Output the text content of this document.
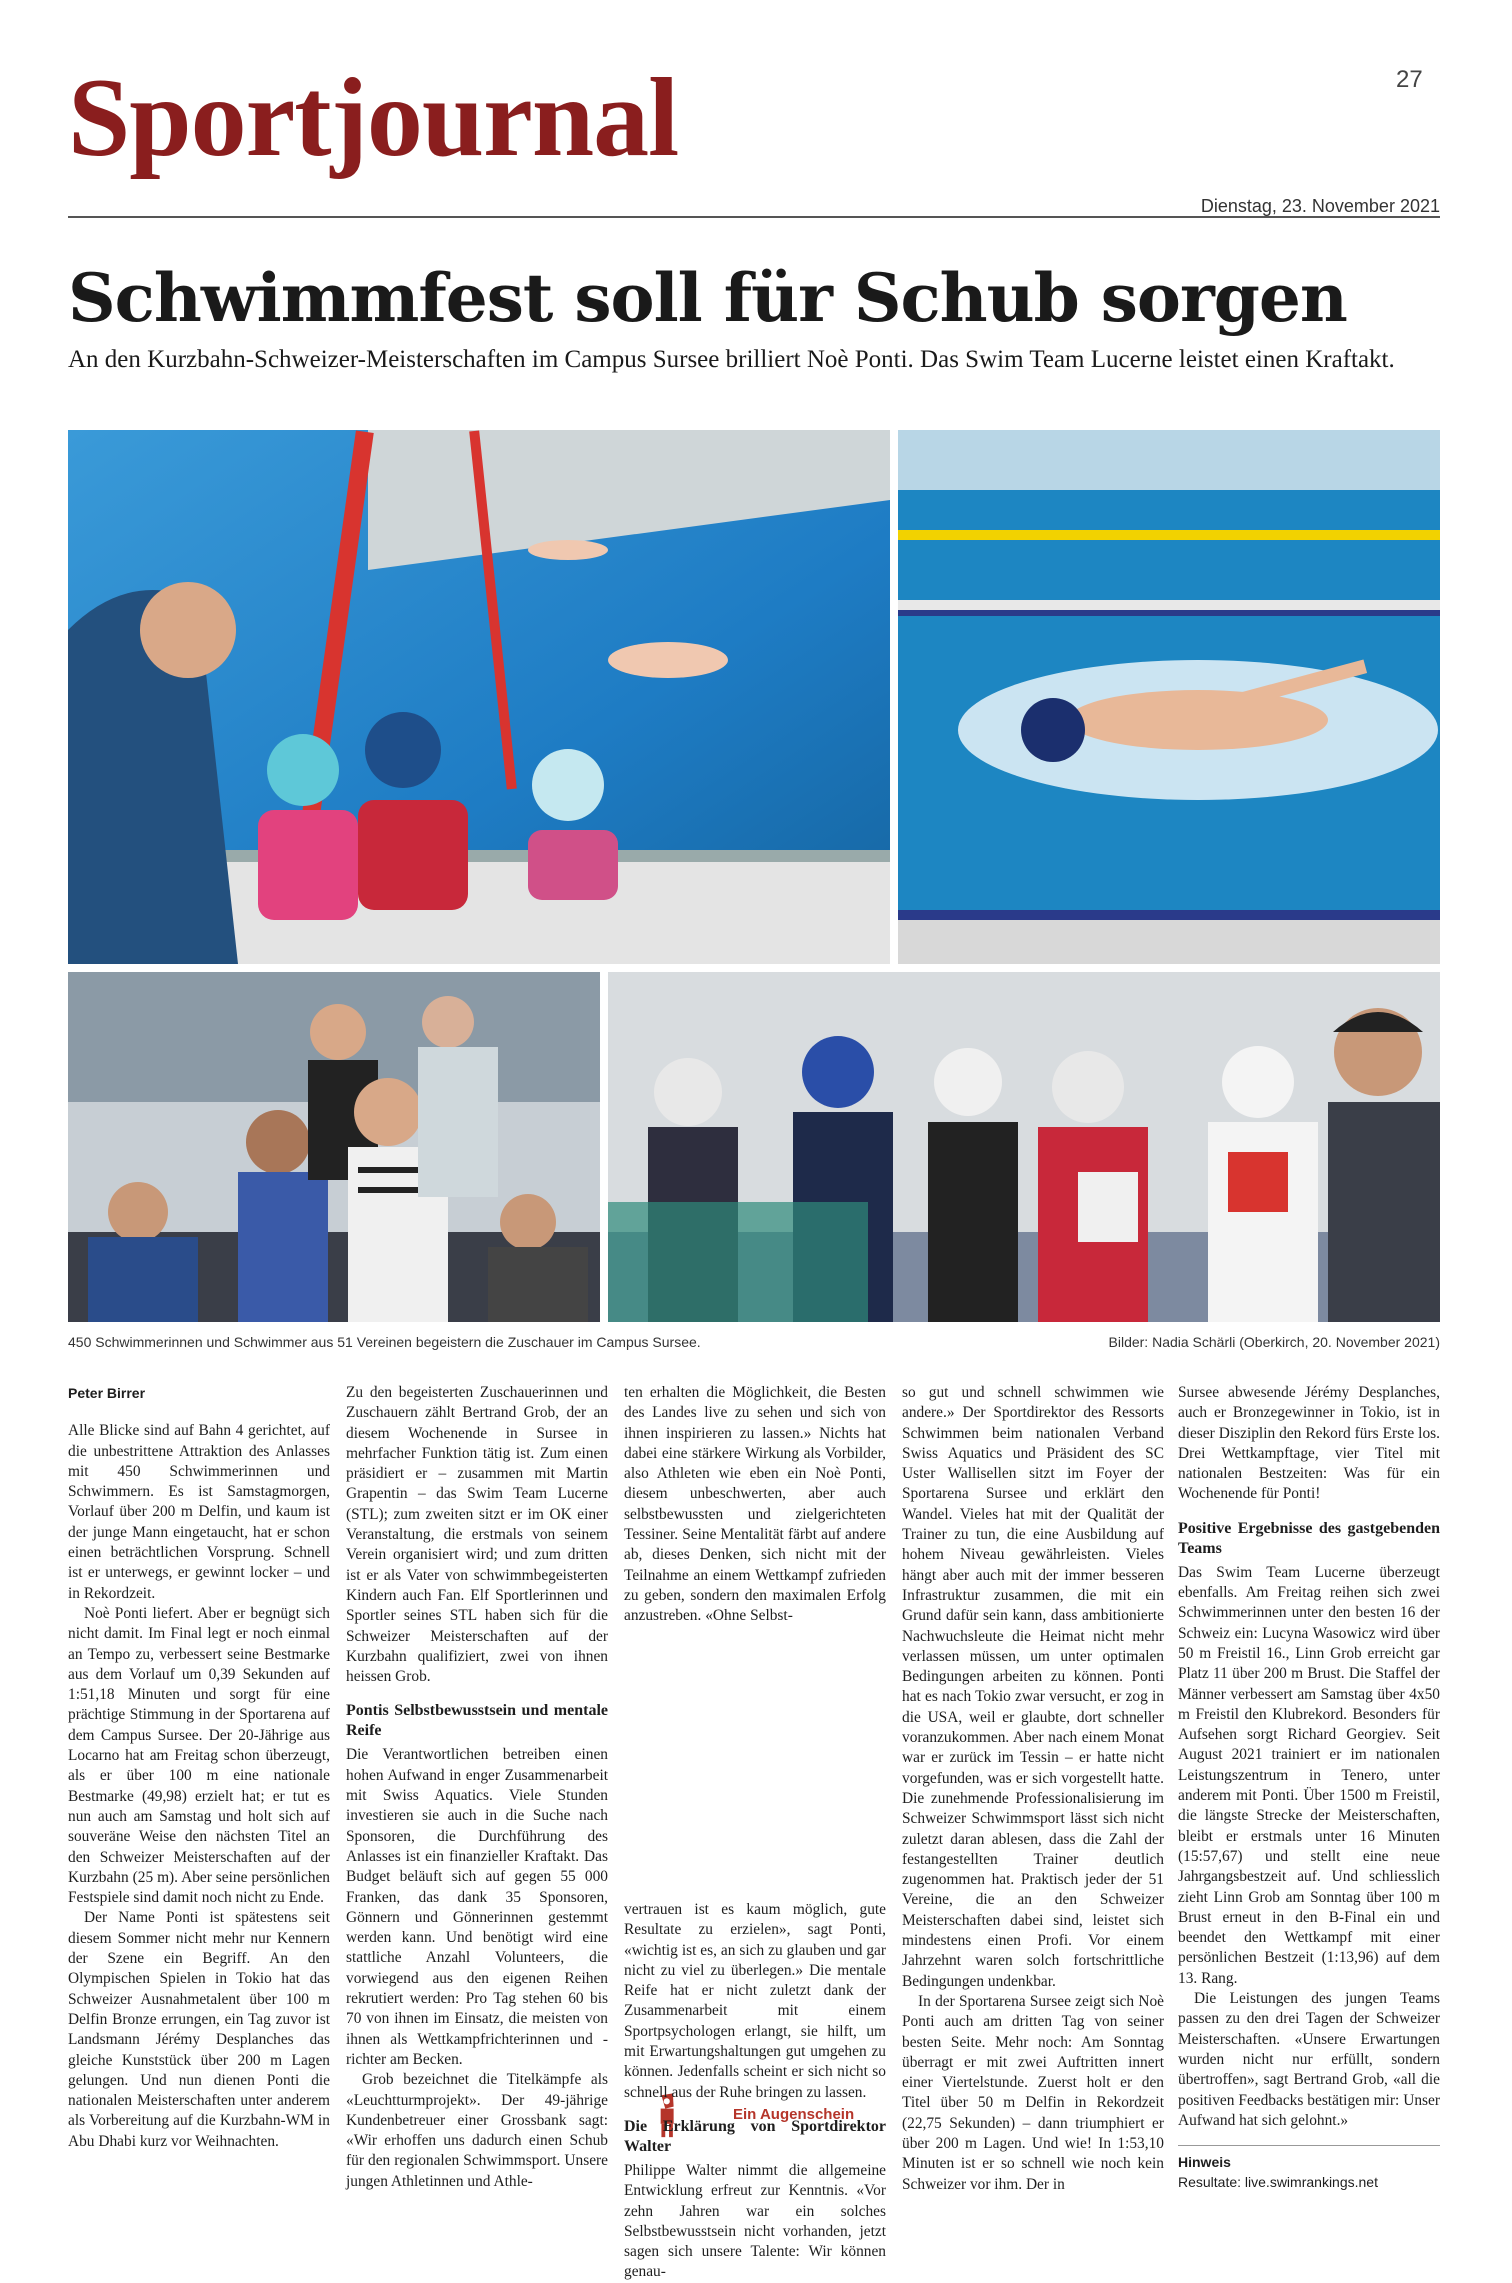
27
Sportjournal
Dienstag, 23. November 2021
Schwimmfest soll für Schub sorgen
An den Kurzbahn-Schweizer-Meisterschaften im Campus Sursee brilliert Noè Ponti. Das Swim Team Lucerne leistet einen Kraftakt.
450 Schwimmerinnen und Schwimmer aus 51 Vereinen begeistern die Zuschauer im Campus Sursee.	Bilder: Nadia Schärli (Oberkirch, 20. November 2021)
Peter Birrer

Alle Blicke sind auf Bahn 4 gerichtet, auf die unbestrittene Attraktion des Anlasses mit 450 Schwimmerinnen und Schwimmern. Es ist Samstagmorgen, Vorlauf über 200 m Delfin, und kaum ist der junge Mann eingetaucht, hat er schon einen beträchtlichen Vorsprung. Schnell ist er unterwegs, er gewinnt locker – und in Rekordzeit.

Noè Ponti liefert. Aber er begnügt sich nicht damit. Im Final legt er noch einmal an Tempo zu, verbessert seine Bestmarke aus dem Vorlauf um 0,39 Sekunden auf 1:51,18 Minuten und sorgt für eine prächtige Stimmung in der Sportarena auf dem Campus Sursee. Der 20-Jährige aus Locarno hat am Freitag schon überzeugt, als er über 100 m eine nationale Bestmarke (49,98) erzielt hat; er tut es nun auch am Samstag und holt sich auf souveräne Weise den nächsten Titel an den Schweizer Meisterschaften auf der Kurzbahn (25 m). Aber seine persönlichen Festspiele sind damit noch nicht zu Ende.

Der Name Ponti ist spätestens seit diesem Sommer nicht mehr nur Kennern der Szene ein Begriff. An den Olympischen Spielen in Tokio hat das Schweizer Ausnahmetalent über 100 m Delfin Bronze errungen, ein Tag zuvor ist Landsmann Jérémy Desplanches das gleiche Kunststück über 200 m Lagen gelungen. Und nun dienen Ponti die nationalen Meisterschaften unter anderem als Vorbereitung auf die Kurzbahn-WM in Abu Dhabi kurz vor Weihnachten.

Zu den begeisterten Zuschauerinnen und Zuschauern zählt Bertrand Grob, der an diesem Wochenende in Sursee in mehrfacher Funktion tätig ist. Zum einen präsidiert er – zusammen mit Martin Grapentin – das Swim Team Lucerne (STL); zum zweiten sitzt er im OK einer Veranstaltung, die erstmals von seinem Verein organisiert wird; und zum dritten ist er als Vater von schwimmbegeisterten Kindern auch Fan. Elf Sportlerinnen und Sportler seines STL haben sich für die Schweizer Meisterschaften auf der Kurzbahn qualifiziert, zwei von ihnen heissen Grob.

Pontis Selbstbewusstsein und mentale Reife

Die Verantwortlichen betreiben einen hohen Aufwand in enger Zusammenarbeit mit Swiss Aquatics. Viele Stunden investieren sie auch in die Suche nach Sponsoren, die Durchführung des Anlasses ist ein finanzieller Kraftakt. Das Budget beläuft sich auf gegen 55 000 Franken, das dank 35 Sponsoren, Gönnern und Gönnerinnen gestemmt werden kann. Und benötigt wird eine stattliche Anzahl Volunteers, die vorwiegend aus den eigenen Reihen rekrutiert werden: Pro Tag stehen 60 bis 70 von ihnen im Einsatz, die meisten von ihnen als Wettkampfrichterinnen und -richter am Becken.

Grob bezeichnet die Titelkämpfe als «Leuchtturmprojekt». Der 49-jährige Kundenbetreuer einer Grossbank sagt: «Wir erhoffen uns dadurch einen Schub für den regionalen Schwimmsport. Unsere jungen Athletinnen und Athle-

ten erhalten die Möglichkeit, die Besten des Landes live zu sehen und sich von ihnen inspirieren zu lassen.» Nichts hat dabei eine stärkere Wirkung als Vorbilder, also Athleten wie eben ein Noè Ponti, diesem unbeschwerten, aber auch selbstbewussten und zielgerichteten Tessiner. Seine Mentalität färbt auf andere ab, dieses Denken, sich nicht mit der Teilnahme an einem Wettkampf zufrieden zu geben, sondern den maximalen Erfolg anzustreben. «Ohne Selbst-

Ein Augenschein

vertrauen ist es kaum möglich, gute Resultate zu erzielen», sagt Ponti, «wichtig ist es, an sich zu glauben und gar nicht zu viel zu überlegen.» Die mentale Reife hat er nicht zuletzt dank der Zusammenarbeit mit einem Sportpsychologen erlangt, sie hilft, um mit Erwartungshaltungen gut umgehen zu können. Jedenfalls scheint er sich nicht so schnell aus der Ruhe bringen zu lassen.

Die Erklärung von Sportdirektor Walter

Philippe Walter nimmt die allgemeine Entwicklung erfreut zur Kenntnis. «Vor zehn Jahren war ein solches Selbstbewusstsein nicht vorhanden, jetzt sagen sich unsere Talente: Wir können genau-

so gut und schnell schwimmen wie andere.» Der Sportdirektor des Ressorts Schwimmen beim nationalen Verband Swiss Aquatics und Präsident des SC Uster Wallisellen sitzt im Foyer der Sportarena Sursee und erklärt den Wandel. Vieles hat mit der Qualität der Trainer zu tun, die eine Ausbildung auf hohem Niveau gewährleisten. Vieles hängt aber auch mit der immer besseren Infrastruktur zusammen, die mit ein Grund dafür sein kann, dass ambitionierte Nachwuchsleute die Heimat nicht mehr verlassen müssen, um unter optimalen Bedingungen arbeiten zu können. Ponti hat es nach Tokio zwar versucht, er zog in die USA, weil er glaubte, dort schneller voranzukommen. Aber nach einem Monat war er zurück im Tessin – er hatte nicht vorgefunden, was er sich vorgestellt hatte. Die zunehmende Professionalisierung im Schweizer Schwimmsport lässt sich nicht zuletzt daran ablesen, dass die Zahl der festangestellten Trainer deutlich zugenommen hat. Praktisch jeder der 51 Vereine, die an den Schweizer Meisterschaften dabei sind, leistet sich mindestens einen Profi. Vor einem Jahrzehnt waren solch fortschrittliche Bedingungen undenkbar.

In der Sportarena Sursee zeigt sich Noè Ponti auch am dritten Tag von seiner besten Seite. Mehr noch: Am Sonntag überragt er mit zwei Auftritten innert einer Viertelstunde. Zuerst holt er den Titel über 50 m Delfin in Rekordzeit (22,75 Sekunden) – dann triumphiert er über 200 m Lagen. Und wie! In 1:53,10 Minuten ist er so schnell wie noch kein Schweizer vor ihm. Der in

Sursee abwesende Jérémy Desplanches, auch er Bronzegewinner in Tokio, ist in dieser Disziplin den Rekord fürs Erste los. Drei Wettkampftage, vier Titel mit nationalen Bestzeiten: Was für ein Wochenende für Ponti!

Positive Ergebnisse des gastgebenden Teams

Das Swim Team Lucerne überzeugt ebenfalls. Am Freitag reihen sich zwei Schwimmerinnen unter den besten 16 der Schweiz ein: Lucyna Wasowicz wird über 50 m Freistil 16., Linn Grob erreicht gar Platz 11 über 200 m Brust. Die Staffel der Männer verbessert am Samstag über 4x50 m Freistil den Klubrekord. Besonders für Aufsehen sorgt Richard Georgiev. Seit August 2021 trainiert er im nationalen Leistungszentrum in Tenero, unter anderem mit Ponti. Über 1500 m Freistil, die längste Strecke der Meisterschaften, bleibt er erstmals unter 16 Minuten (15:57,67) und stellt eine neue Jahrgangsbestzeit auf. Und schliesslich zieht Linn Grob am Sonntag über 100 m Brust erneut in den B-Final ein und beendet den Wettkampf mit einer persönlichen Bestzeit (1:13,96) auf dem 13. Rang.

Die Leistungen des jungen Teams passen zu den drei Tagen der Schweizer Meisterschaften. «Unsere Erwartungen wurden nicht nur erfüllt, sondern übertroffen», sagt Bertrand Grob, «all die positiven Feedbacks bestätigen mir: Unser Aufwand hat sich gelohnt.»

Hinweis

Resultate: live.swimrankings.net
